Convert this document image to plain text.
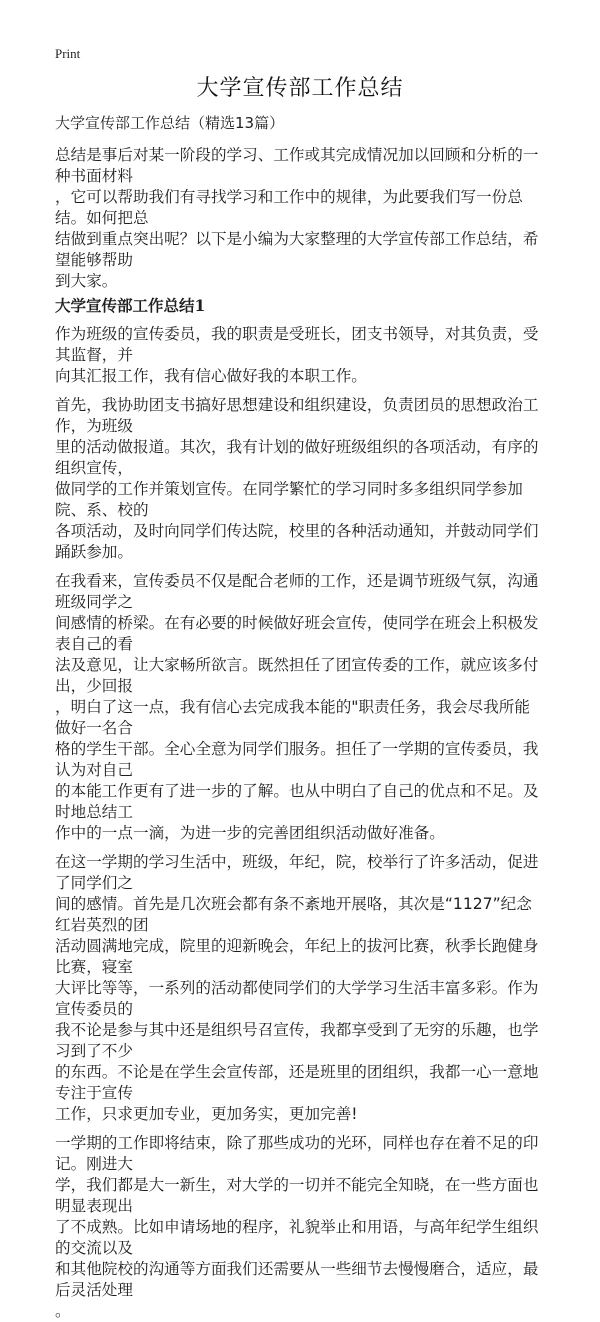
Print
大学宣传部工作总结
大学宣传部工作总结（精选13篇）
总结是事后对某一阶段的学习、工作或其完成情况加以回顾和分析的一种书面材料
，它可以帮助我们有寻找学习和工作中的规律，为此要我们写一份总结。如何把总
结做到重点突出呢？以下是小编为大家整理的大学宣传部工作总结，希望能够帮助
到大家。
大学宣传部工作总结1
作为班级的宣传委员，我的职责是受班长，团支书领导，对其负责，受其监督，并
向其汇报工作，我有信心做好我的本职工作。
首先，我协助团支书搞好思想建设和组织建设，负责团员的思想政治工作，为班级
里的活动做报道。其次，我有计划的做好班级组织的各项活动，有序的组织宣传，
做同学的工作并策划宣传。在同学繁忙的学习同时多多组织同学参加院、系、校的
各项活动，及时向同学们传达院，校里的各种活动通知，并鼓动同学们踊跃参加。
在我看来，宣传委员不仅是配合老师的工作，还是调节班级气氛，沟通班级同学之
间感情的桥梁。在有必要的时候做好班会宣传，使同学在班会上积极发表自己的看
法及意见，让大家畅所欲言。既然担任了团宣传委的工作，就应该多付出，少回报
，明白了这一点，我有信心去完成我本能的"职责任务，我会尽我所能做好一名合
格的学生干部。全心全意为同学们服务。担任了一学期的宣传委员，我认为对自己
的本能工作更有了进一步的了解。也从中明白了自己的优点和不足。及时地总结工
作中的一点一滴，为进一步的完善团组织活动做好准备。
在这一学期的学习生活中，班级，年纪，院，校举行了许多活动，促进了同学们之
间的感情。首先是几次班会都有条不紊地开展咯，其次是“1127”纪念红岩英烈的团
活动圆满地完成，院里的迎新晚会，年纪上的拔河比赛，秋季长跑健身比赛，寝室
大评比等等，一系列的活动都使同学们的大学学习生活丰富多彩。作为宣传委员的
我不论是参与其中还是组织号召宣传，我都享受到了无穷的乐趣，也学习到了不少
的东西。不论是在学生会宣传部，还是班里的团组织，我都一心一意地专注于宣传
工作，只求更加专业，更加务实，更加完善!
一学期的工作即将结束，除了那些成功的光环，同样也存在着不足的印记。刚进大
学，我们都是大一新生，对大学的一切并不能完全知晓，在一些方面也明显表现出
了不成熟。比如申请场地的程序，礼貌举止和用语，与高年纪学生组织的交流以及
和其他院校的沟通等方面我们还需要从一些细节去慢慢磨合，适应，最后灵活处理
。
